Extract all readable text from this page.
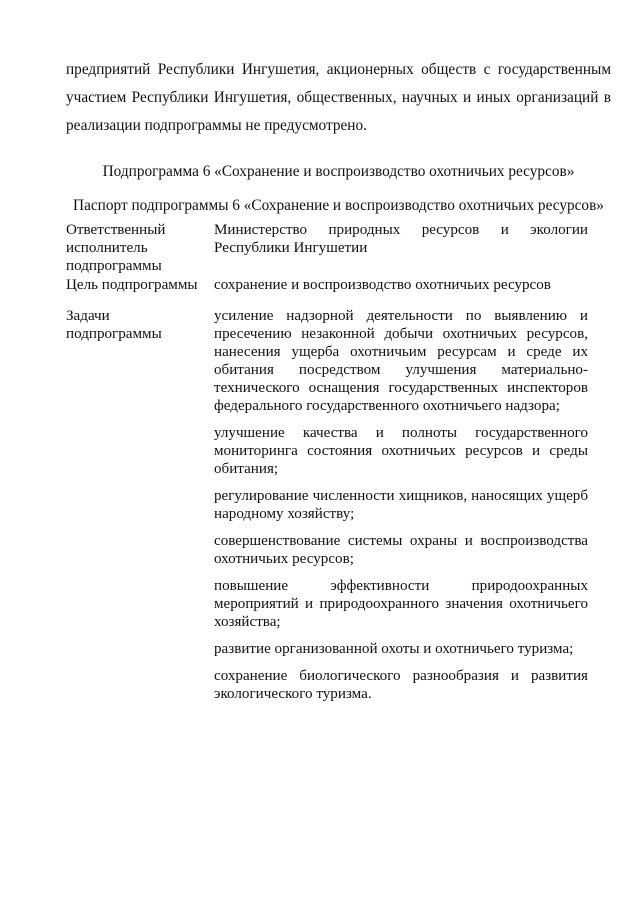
предприятий Республики Ингушетия, акционерных обществ с государственным
участием Республики Ингушетия, общественных, научных и иных организаций в
реализации подпрограммы не предусмотрено.
Подпрограмма 6 «Сохранение и воспроизводство охотничьих ресурсов»
Паспорт подпрограммы 6 «Сохранение и воспроизводство охотничьих ресурсов»
Ответственный
исполнитель
подпрограммы
Министерство природных ресурсов и экологии
Республики Ингушетии
Цель подпрограммы	сохранение и воспроизводство охотничьих ресурсов
Задачи
подпрограммы
усиление надзорной деятельности по выявлению и пресечению незаконной добычи охотничьих ресурсов, нанесения ущерба охотничьим ресурсам и среде их обитания посредством улучшения материально-технического оснащения государственных инспекторов федерального государственного охотничьего надзора;
улучшение качества и полноты государственного мониторинга состояния охотничьих ресурсов и среды обитания;
регулирование численности хищников, наносящих ущерб народному хозяйству;
совершенствование системы охраны и воспроизводства охотничьих ресурсов;
повышение эффективности природоохранных мероприятий и природоохранного значения охотничьего хозяйства;
развитие организованной охоты и охотничьего туризма;
сохранение биологического разнообразия и развития экологического туризма.
